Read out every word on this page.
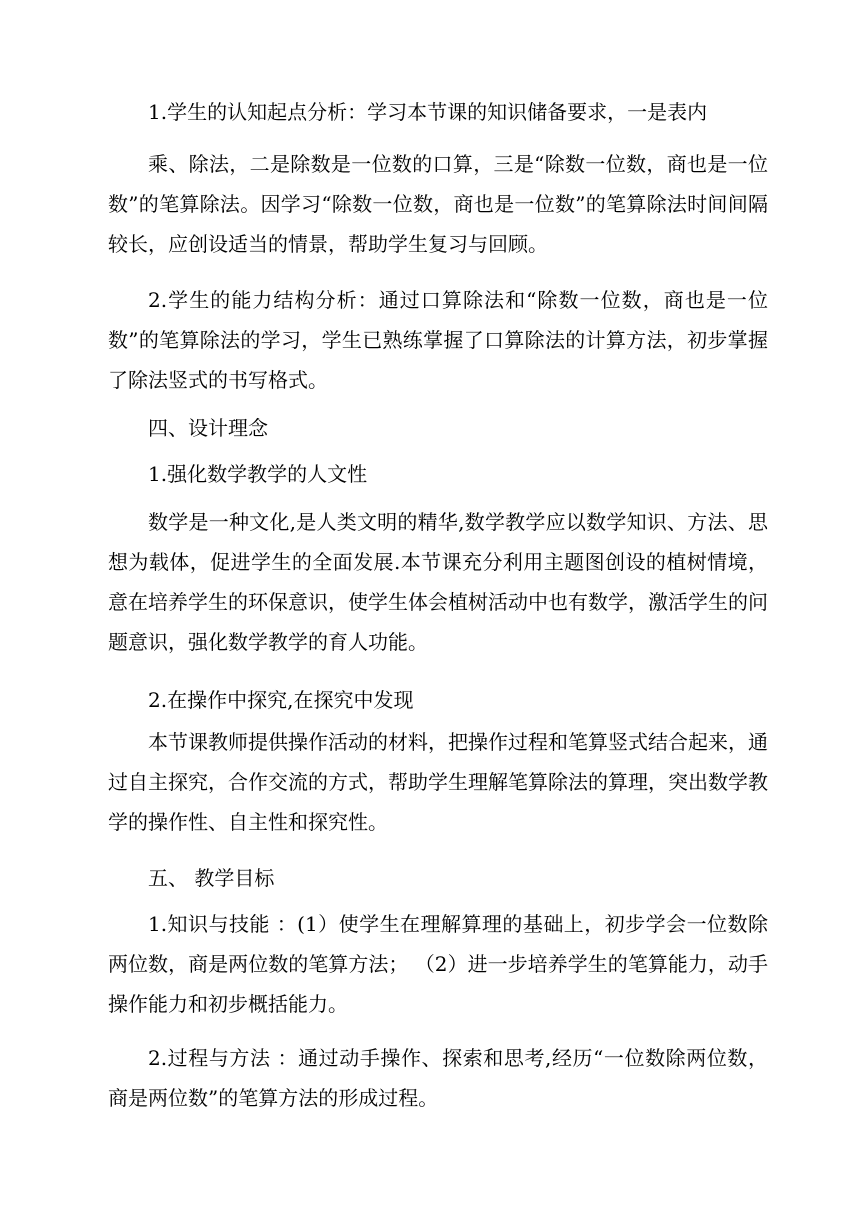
1.学生的认知起点分析：学习本节课的知识储备要求，一是表内
乘、除法，二是除数是一位数的口算，三是“除数一位数，商也是一位数”的笔算除法。因学习“除数一位数，商也是一位数”的笔算除法时间间隔较长，应创设适当的情景，帮助学生复习与回顾。
2.学生的能力结构分析：通过口算除法和“除数一位数，商也是一位数”的笔算除法的学习，学生已熟练掌握了口算除法的计算方法，初步掌握了除法竖式的书写格式。
四、设计理念
1.强化数学教学的人文性
数学是一种文化,是人类文明的精华,数学教学应以数学知识、方法、思想为载体，促进学生的全面发展.本节课充分利用主题图创设的植树情境，意在培养学生的环保意识，使学生体会植树活动中也有数学，激活学生的问题意识，强化数学教学的育人功能。
2.在操作中探究,在探究中发现
本节课教师提供操作活动的材料，把操作过程和笔算竖式结合起来，通过自主探究，合作交流的方式，帮助学生理解笔算除法的算理，突出数学教学的操作性、自主性和探究性。
五、 教学目标
1.知识与技能 ：(1）使学生在理解算理的基础上，初步学会一位数除两位数，商是两位数的笔算方法； （2）进一步培养学生的笔算能力，动手操作能力和初步概括能力。
2.过程与方法 ：通过动手操作、探索和思考,经历“一位数除两位数，商是两位数”的笔算方法的形成过程。
